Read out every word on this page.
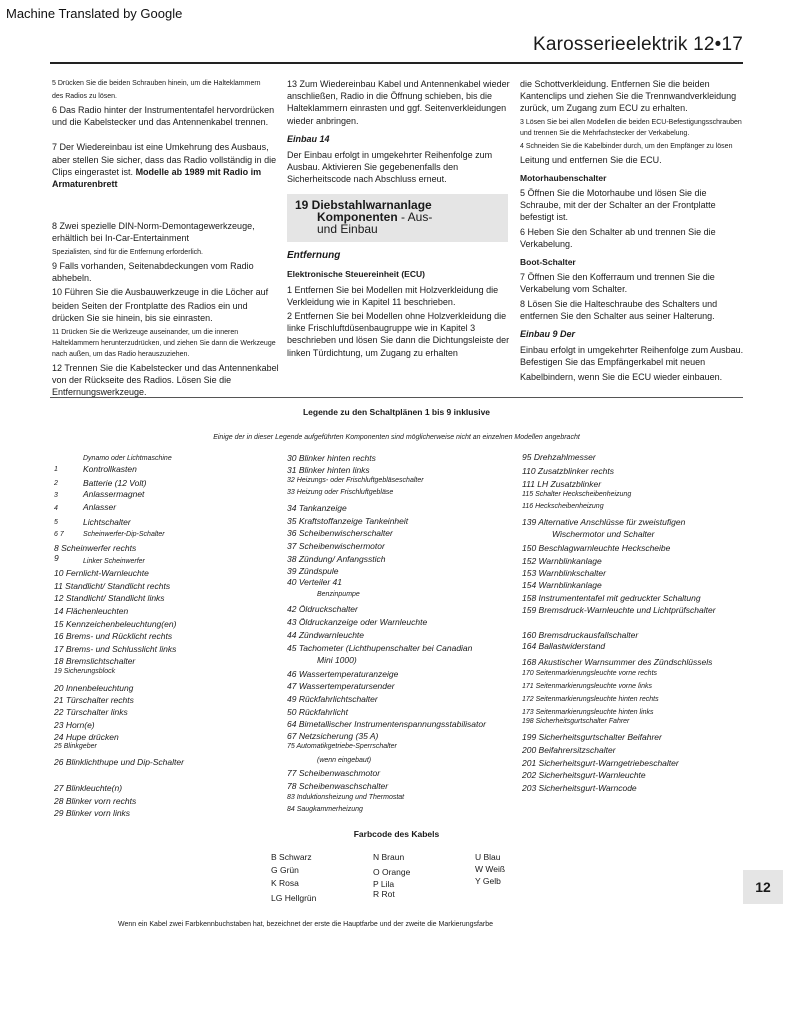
Machine Translated by Google
Karosserieelektrik 12•17

5 Drücken Sie die beiden Schrauben hinein, um die Halteklammern

des Radios zu lösen.

6 Das Radio hinter der Instrumententafel hervordrücken und die Kabelstecker und das Antennenkabel trennen.

7 Der Wiedereinbau ist eine Umkehrung des Ausbaus, aber stellen Sie sicher, dass das Radio vollständig in die Clips eingerastet ist. Modelle ab 1989 mit Radio im Armaturenbrett

8 Zwei spezielle DIN-Norm-Demontagewerkzeuge, erhältlich bei In-Car-Entertainment

Spezialisten, sind für die Entfernung erforderlich.

9 Falls vorhanden, Seitenabdeckungen vom Radio abhebeln.

10 Führen Sie die Ausbauwerkzeuge in die Löcher auf

beiden Seiten der Frontplatte des Radios ein und drücken Sie sie hinein, bis sie einrasten.

11 Drücken Sie die Werkzeuge auseinander, um die inneren Halteklammern herunterzudrücken, und ziehen Sie dann die Werkzeuge nach außen, um das Radio herauszuziehen.

12 Trennen Sie die Kabelstecker und das Antennenkabel von der Rückseite des Radios. Lösen Sie die Entfernungswerkzeuge.

13 Zum Wiedereinbau Kabel und Antennenkabel wieder anschließen, Radio in die Öffnung schieben, bis die Halteklammern einrasten und ggf. Seitenverkleidungen wieder anbringen.

Einbau 14

Der Einbau erfolgt in umgekehrter Reihenfolge zum Ausbau. Aktivieren Sie gegebenenfalls den Sicherheitscode nach Abschluss erneut.

19 Diebstahlwarnanlage
Komponenten - Aus-
und Einbau

Entfernung

Elektronische Steuereinheit (ECU)

1 Entfernen Sie bei Modellen mit Holzverkleidung die Verkleidung wie in Kapitel 11 beschrieben.

2 Entfernen Sie bei Modellen ohne Holzverkleidung die linke Frischluftdüsenbaugruppe wie in Kapitel 3 beschrieben und lösen Sie dann die Dichtungsleiste der linken Türdichtung, um Zugang zu erhalten

die Schottverkleidung. Entfernen Sie die beiden Kantenclips und ziehen Sie die Trennwandverkleidung zurück, um Zugang zum ECU zu erhalten.

3 Lösen Sie bei allen Modellen die beiden ECU-Befestigungsschrauben und trennen Sie die Mehrfachstecker der Verkabelung.

4 Schneiden Sie die Kabelbinder durch, um den Empfänger zu lösen

Leitung und entfernen Sie die ECU.

Motorhaubenschalter

5 Öffnen Sie die Motorhaube und lösen Sie die Schraube, mit der der Schalter an der Frontplatte befestigt ist.

6 Heben Sie den Schalter ab und trennen Sie die Verkabelung.

Boot-Schalter

7 Öffnen Sie den Kofferraum und trennen Sie die Verkabelung vom Schalter.

8 Lösen Sie die Halteschraube des Schalters und entfernen Sie den Schalter aus seiner Halterung.

Einbau 9 Der

Einbau erfolgt in umgekehrter Reihenfolge zum Ausbau. Befestigen Sie das Empfängerkabel mit neuen

Kabelbindern, wenn Sie die ECU wieder einbauen.

Legende zu den Schaltplänen 1 bis 9 inklusive
Einige der in dieser Legende aufgeführten Komponenten sind möglicherweise nicht an einzelnen Modellen angebracht
Dynamo oder Lichtmaschine
1	Kontrollkasten
2	Batterie (12 Volt)
3	Anlassermagnet
4	Anlasser
5	Lichtschalter
6 7	Scheinwerfer-Dip-Schalter
8 Scheinwerfer rechts
9	Linker Scheinwerfer
10 Fernlicht-Warnleuchte
11 Standlicht/ Standlicht rechts
12 Standlicht/ Standlicht links
14 Flächenleuchten
15 Kennzeichenbeleuchtung(en)
16 Brems- und Rücklicht rechts
17 Brems- und Schlusslicht links
18 Bremslichtschalter
19 Sicherungsblock
20 Innenbeleuchtung
21 Türschalter rechts
22 Türschalter links
23 Horn(e)
24 Hupe drücken
25 Blinkgeber
26 Blinklichthupe und Dip-Schalter
27 Blinkleuchte(n)
28 Blinker vorn rechts
29 Blinker vorn links
30 Blinker hinten rechts
31 Blinker hinten links
32 Heizungs- oder Frischluftgebläseschalter
33 Heizung oder Frischluftgebläse
34 Tankanzeige
35 Kraftstoffanzeige Tankeinheit
36 Scheibenwischerschalter
37 Scheibenwischermotor
38 Zündung/ Anfangsstich
39 Zündspule
40 Verteiler 41
Benzinpumpe
42 Öldruckschalter
43 Öldruckanzeige oder Warnleuchte
44 Zündwarnleuchte
45 Tachometer (Lichthupenschalter bei Canadian
Mini 1000)
46 Wassertemperaturanzeige
47 Wassertemperatursender
49 Rückfahrlichtschalter
50 Rückfahrlicht
64 Bimetallischer Instrumentenspannungsstabilisator
67 Netzsicherung (35 A)
75 Automatikgetriebe-Sperrschalter
(wenn eingebaut)
77 Scheibenwaschmotor
78 Scheibenwaschschalter
83 Induktionsheizung und Thermostat
84 Saugkammerheizung
95 Drehzahlmesser
110 Zusatzblinker rechts
111 LH Zusatzblinker
115 Schalter Heckscheibenheizung
116 Heckscheibenheizung
139 Alternative Anschlüsse für zweistufigen
Wischermotor und Schalter
150 Beschlagwarnleuchte Heckscheibe
152 Warnblinkanlage
153 Warnblinkschalter
154 Warnblinkanlage
158 Instrumententafel mit gedruckter Schaltung
159 Bremsdruck-Warnleuchte und Lichtprüfschalter
160 Bremsdruckausfallschalter
164 Ballastwiderstand
168 Akustischer Warnsummer des Zündschlüssels
170 Seitenmarkierungsleuchte vorne rechts
171 Seitenmarkierungsleuchte vorne links
172 Seitenmarkierungsleuchte hinten rechts
173 Seitenmarkierungsleuchte hinten links
198 Sicherheitsgurtschalter Fahrer
199 Sicherheitsgurtschalter Beifahrer
200 Beifahrersitzschalter
201 Sicherheitsgurt-Warngetriebeschalter
202 Sicherheitsgurt-Warnleuchte
203 Sicherheitsgurt-Warncode
Farbcode des Kabels
B Schwarz
G Grün
K Rosa
LG Hellgrün
N Braun
O Orange
P Lila
R Rot
U Blau
W Weiß
Y Gelb	12
Wenn ein Kabel zwei Farbkennbuchstaben hat, bezeichnet der erste die Hauptfarbe und der zweite die Markierungsfarbe
